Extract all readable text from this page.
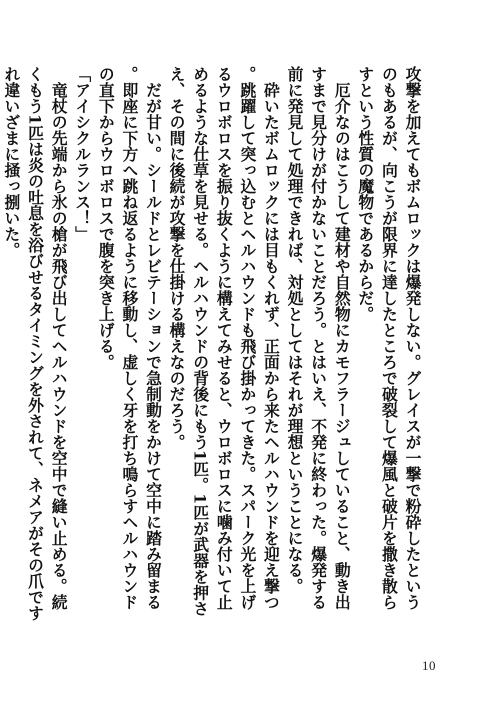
攻撃を加えてもボムロックは爆発しない。グレイスが一撃で粉砕したというのもあるが、向こうが限界に達したところで破裂して爆風と破片を撒き散らすという性質の魔物であるからだ。

厄介なのはこうして建材や自然物にカモフラージュしていること、動き出すまで見分けが付かないことだろう。とはいえ、不発に終わった。爆発する前に発見して処理できれば、対処としてはそれが理想ということになる。

砕いたボムロックには目もくれず、正面から来たヘルハウンドを迎え撃つ。跳躍して突っ込むとヘルハウンドも飛び掛かってきた。スパーク光を上げるウロボロスを振り抜くように構えてみせると、ウロボロスに噛み付いて止めるような仕草を見せる。ヘルハウンドの背後にもう1匹。1匹が武器を押さえ、その間に後続が攻撃を仕掛ける構えなのだろう。

だが甘い。シールドとレビテーションで急制動をかけて空中に踏み留まる。即座に下方へ跳ね返るように移動し、虚しく牙を打ち鳴らすヘルハウンドの直下からウロボロスで腹を突き上げる。

「アイシクルランス！」

竜杖の先端から氷の槍が飛び出してヘルハウンドを空中で縫い止める。続くもう1匹は炎の吐息を浴びせるタイミングを外されて、ネメアがその爪ですれ違いざまに掻っ捌いた。

10
